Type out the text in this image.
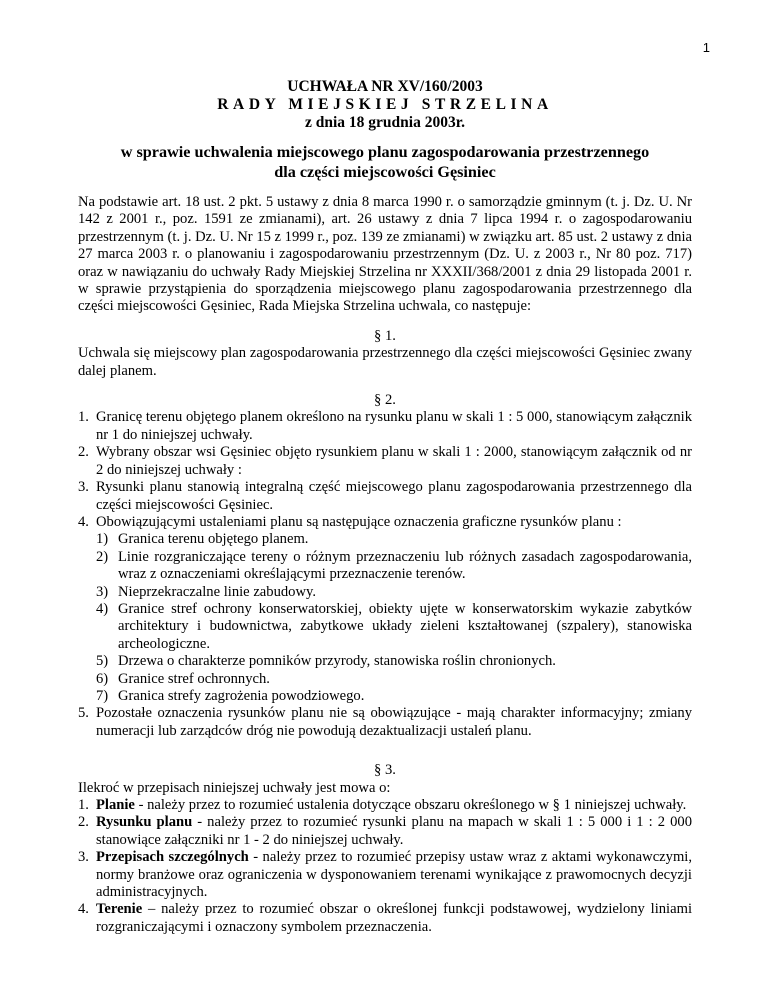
1
UCHWAŁA NR XV/160/2003
RADY MIEJSKIEJ STRZELINA
z dnia 18 grudnia 2003r.
w sprawie uchwalenia miejscowego planu zagospodarowania przestrzennego
dla części miejscowości Gęsiniec

Na podstawie art. 18 ust. 2 pkt. 5 ustawy z dnia 8 marca 1990 r. o samorządzie gminnym (t. j. Dz. U. Nr 142 z 2001 r., poz. 1591 ze zmianami), art. 26 ustawy z dnia 7 lipca 1994 r. o zagospodarowaniu przestrzennym (t. j. Dz. U. Nr 15 z 1999 r., poz. 139 ze zmianami) w związku art. 85 ust. 2 ustawy z dnia 27 marca 2003 r. o planowaniu i zagospodarowaniu przestrzennym (Dz. U. z 2003 r., Nr 80 poz. 717) oraz w nawiązaniu do uchwały Rady Miejskiej Strzelina nr XXXII/368/2001 z dnia 29 listopada 2001 r. w sprawie przystąpienia do sporządzenia miejscowego planu zagospodarowania przestrzennego dla części miejscowości Gęsiniec, Rada Miejska Strzelina uchwala, co następuje:

§ 1.

Uchwala się miejscowy plan zagospodarowania przestrzennego dla części miejscowości Gęsiniec zwany dalej planem.

§ 2.
1. Granicę terenu objętego planem określono na rysunku planu w skali 1 : 5 000, stanowiącym załącznik nr 1 do niniejszej uchwały.
2. Wybrany obszar wsi Gęsiniec objęto rysunkiem planu w skali 1 : 2000, stanowiącym załącznik od nr 2 do niniejszej uchwały :
3. Rysunki planu stanowią integralną część miejscowego planu zagospodarowania przestrzennego dla części miejscowości Gęsiniec.
4. Obowiązującymi ustaleniami planu są następujące oznaczenia graficzne rysunków planu :
1) Granica terenu objętego planem.
2) Linie rozgraniczające tereny o różnym przeznaczeniu lub różnych zasadach zagospodarowania, wraz z oznaczeniami określającymi przeznaczenie terenów.
3) Nieprzekraczalne linie zabudowy.
4) Granice stref ochrony konserwatorskiej, obiekty ujęte w konserwatorskim wykazie zabytków architektury i budownictwa, zabytkowe układy zieleni kształtowanej (szpalery), stanowiska archeologiczne.
5) Drzewa o charakterze pomników przyrody, stanowiska roślin chronionych.
6) Granice stref ochronnych.
7) Granica strefy zagrożenia powodziowego.
5. Pozostałe oznaczenia rysunków planu nie są obowiązujące - mają charakter informacyjny; zmiany numeracji lub zarządców dróg nie powodują dezaktualizacji ustaleń planu.
§ 3.

Ilekroć w przepisach niniejszej uchwały jest mowa o:

1. Planie - należy przez to rozumieć ustalenia dotyczące obszaru określonego w § 1 niniejszej uchwały.
2. Rysunku planu - należy przez to rozumieć rysunki planu na mapach w skali 1 : 5 000 i 1 : 2 000 stanowiące załączniki nr 1 - 2 do niniejszej uchwały.
3. Przepisach szczególnych - należy przez to rozumieć przepisy ustaw wraz z aktami wykonawczymi, normy branżowe oraz ograniczenia w dysponowaniem terenami wynikające z prawomocnych decyzji administracyjnych.
4. Terenie – należy przez to rozumieć obszar o określonej funkcji podstawowej, wydzielony liniami rozgraniczającymi i oznaczony symbolem przeznaczenia.
